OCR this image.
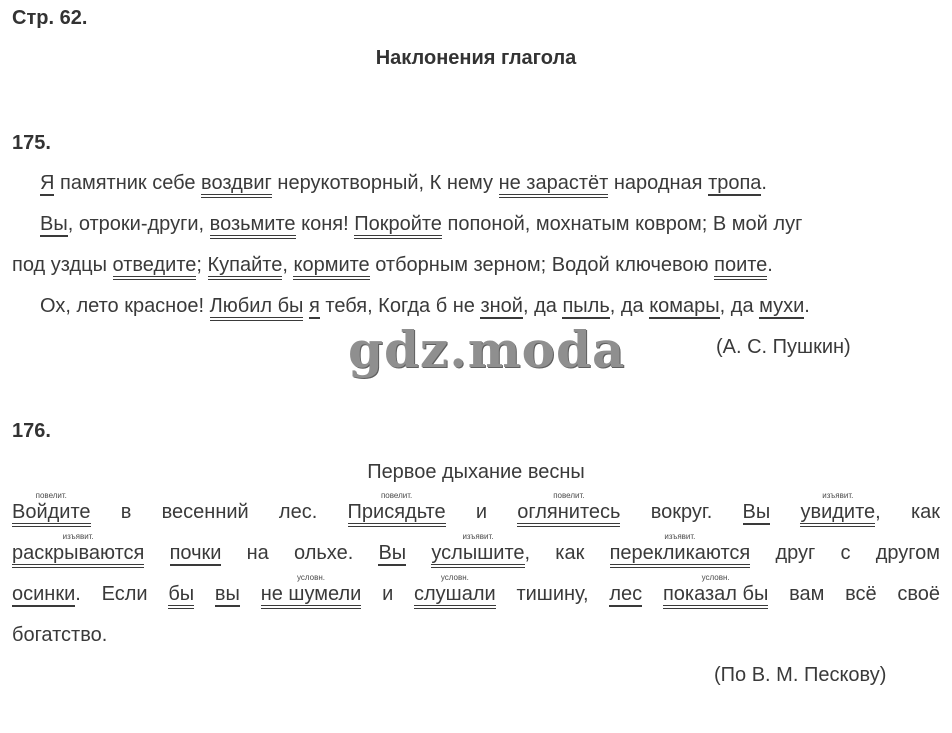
Стр. 62.
Наклонения глагола
175.
Я памятник себе воздвиг нерукотворный, К нему не зарастёт народная тропа.
Вы, отроки-други, возьмите коня! Покройте попоной, мохнатым ковром; В мой луг
под уздцы отведите; Купайте, кормите отборным зерном; Водой ключевою поите.
Ох, лето красное! Любил бы я тебя, Когда б не зной, да пыль, да комары, да мухи.
gdz.moda	(А. С. Пушкин)
176.
Первое дыхание весны
повелит.
Войдите в весенний лес.
повелит.
Присядьте и
повелит.
оглянитесь вокруг. Вы
изъявит.
увидите, как
изъявит.
раскрываются почки на ольхе. Вы
изъявит.
услышите, как
изъявит.
перекликаются друг с другом
осинки. Если бы вы
условн.
не шумели и
условн.
слушали тишину, лес
условн.
показал бы вам всё своё
богатство.
(По В. М. Пескову)
